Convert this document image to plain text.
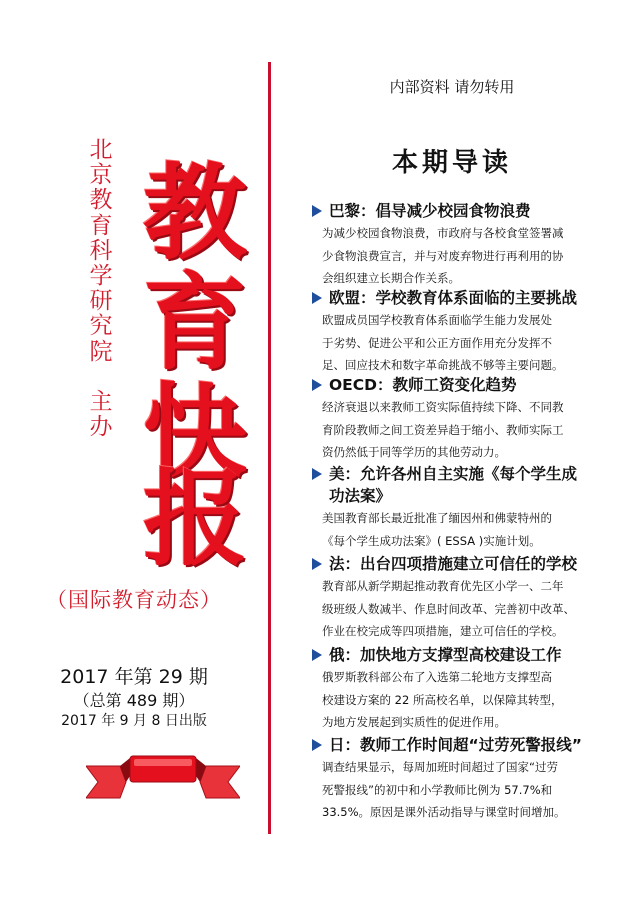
北
京
教
育
科
学
研
究
院

主
办
教
育
快
报
（国际教育动态）
2017 年第 29 期
（总第 489 期）
2017 年 9 月 8 日出版
内部资料 请勿转用
本期导读
巴黎：倡导减少校园食物浪费
为减少校园食物浪费，市政府与各校食堂签署减
少食物浪费宣言，并与对废弃物进行再利用的协
会组织建立长期合作关系。
欧盟：学校教育体系面临的主要挑战
欧盟成员国学校教育体系面临学生能力发展处
于劣势、促进公平和公正方面作用充分发挥不
足、回应技术和数字革命挑战不够等主要问题。
OECD：教师工资变化趋势
经济衰退以来教师工资实际值持续下降、不同教
育阶段教师之间工资差异趋于缩小、教师实际工
资仍然低于同等学历的其他劳动力。
美：允许各州自主实施《每个学生成
功法案》
美国教育部长最近批准了缅因州和佛蒙特州的
《每个学生成功法案》( ESSA )实施计划。
法：出台四项措施建立可信任的学校
教育部从新学期起推动教育优先区小学一、二年
级班级人数减半、作息时间改革、完善初中改革、
作业在校完成等四项措施，建立可信任的学校。
俄：加快地方支撑型高校建设工作
俄罗斯教科部公布了入选第二轮地方支撑型高
校建设方案的 22 所高校名单，以保障其转型，
为地方发展起到实质性的促进作用。
日：教师工作时间超“过劳死警报线”
调查结果显示，每周加班时间超过了国家“过劳
死警报线”的初中和小学教师比例为 57.7%和
33.5%。原因是课外活动指导与课堂时间增加。
